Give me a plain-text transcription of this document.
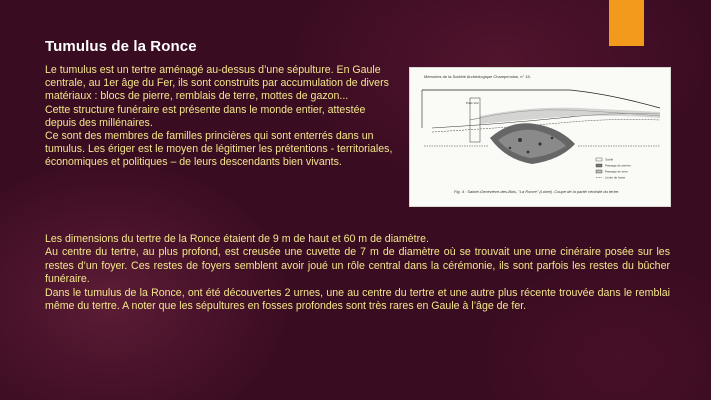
Tumulus de la Ronce

Le tumulus est un tertre aménagé au-dessus d’une sépulture. En Gaule centrale, au 1er âge du Fer, ils sont construits par accumulation de divers matériaux : blocs de pierre, remblais de terre, mottes de gazon...

Cette structure funéraire est présente dans le monde entier, attestée depuis des millénaires.

Ce sont des membres de familles princières qui sont enterrés dans un tumulus. Les ériger est le moyen de légitimer les prétentions - territoriales, économiques et politiques – de leurs descendants bien vivants.

Puits Viré
Scellé
Passage de pierres
Passage de terre
Limite de fosse
Mémoires de la Société Archéologique Champenoise, n° 15.
Fig. 4 : Sainte-Geneviève-des-Bois, "La Ronce" (Loiret). Coupe de la partie centrale du tertre.

Les dimensions du tertre de la Ronce étaient de 9 m de haut et 60 m de diamètre.

Au centre du tertre, au plus profond, est creusée une cuvette de 7 m de diamètre où se trouvait une urne cinéraire posée sur les restes d’un foyer. Ces restes de foyers semblent avoir joué un rôle central dans la cérémonie, ils sont parfois les restes du bûcher funéraire.

Dans le tumulus de la Ronce, ont été découvertes 2 urnes, une au centre du tertre et une autre plus récente trouvée dans le remblai même du tertre. A noter que les sépultures en fosses profondes sont très rares en Gaule à l’âge de fer.
